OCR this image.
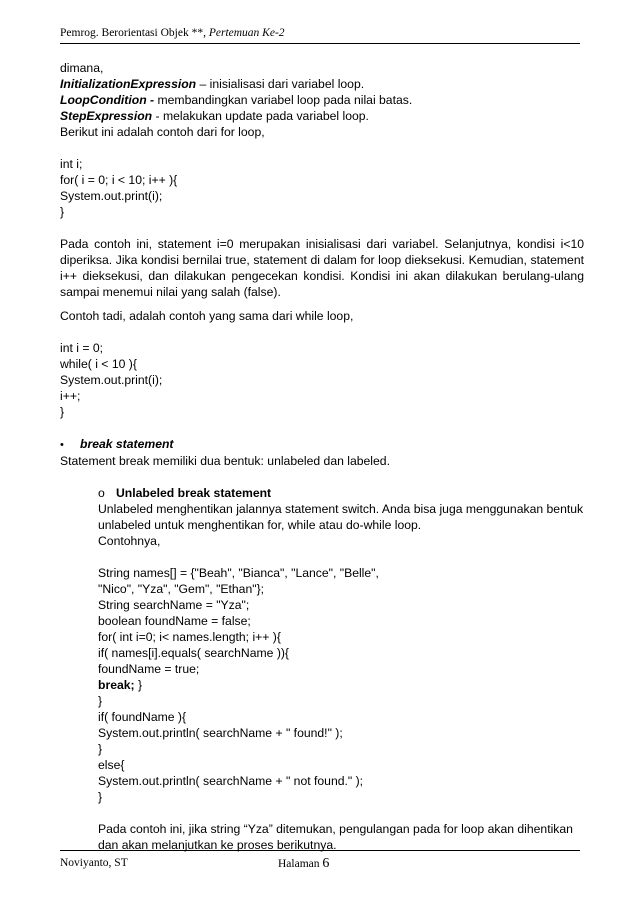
Pemrog. Berorientasi Objek **, Pertemuan Ke-2
dimana,
InitializationExpression – inisialisasi dari variabel loop.
LoopCondition - membandingkan variabel loop pada nilai batas.
StepExpression - melakukan update pada variabel loop.
Berikut ini adalah contoh dari for loop,
int i;
for( i = 0; i < 10; i++ ){
System.out.print(i);
}
Pada contoh ini, statement i=0 merupakan inisialisasi dari variabel. Selanjutnya, kondisi i<10
diperiksa. Jika kondisi bernilai true, statement di dalam for loop dieksekusi. Kemudian, statement
i++ dieksekusi, dan dilakukan pengecekan kondisi. Kondisi ini akan dilakukan berulang-ulang
sampai menemui nilai yang salah (false).
Contoh tadi, adalah contoh yang sama dari while loop,
int i = 0;
while( i < 10 ){
System.out.print(i);
i++;
}
• break statement
Statement break memiliki dua bentuk: unlabeled dan labeled.
o Unlabeled break statement
Unlabeled menghentikan jalannya statement switch. Anda bisa juga menggunakan bentuk
unlabeled untuk menghentikan for, while atau do-while loop.
Contohnya,
String names[] = {"Beah", "Bianca", "Lance", "Belle",
"Nico", "Yza", "Gem", "Ethan"};
String searchName = "Yza";
boolean foundName = false;
for( int i=0; i< names.length; i++ ){
if( names[i].equals( searchName )){
foundName = true;
break; }
}
if( foundName ){
System.out.println( searchName + " found!" );
}
else{
System.out.println( searchName + " not found." );
}
Pada contoh ini, jika string “Yza” ditemukan, pengulangan pada for loop akan dihentikan
dan akan melanjutkan ke proses berikutnya.
Noviyanto, ST	Halaman 6
